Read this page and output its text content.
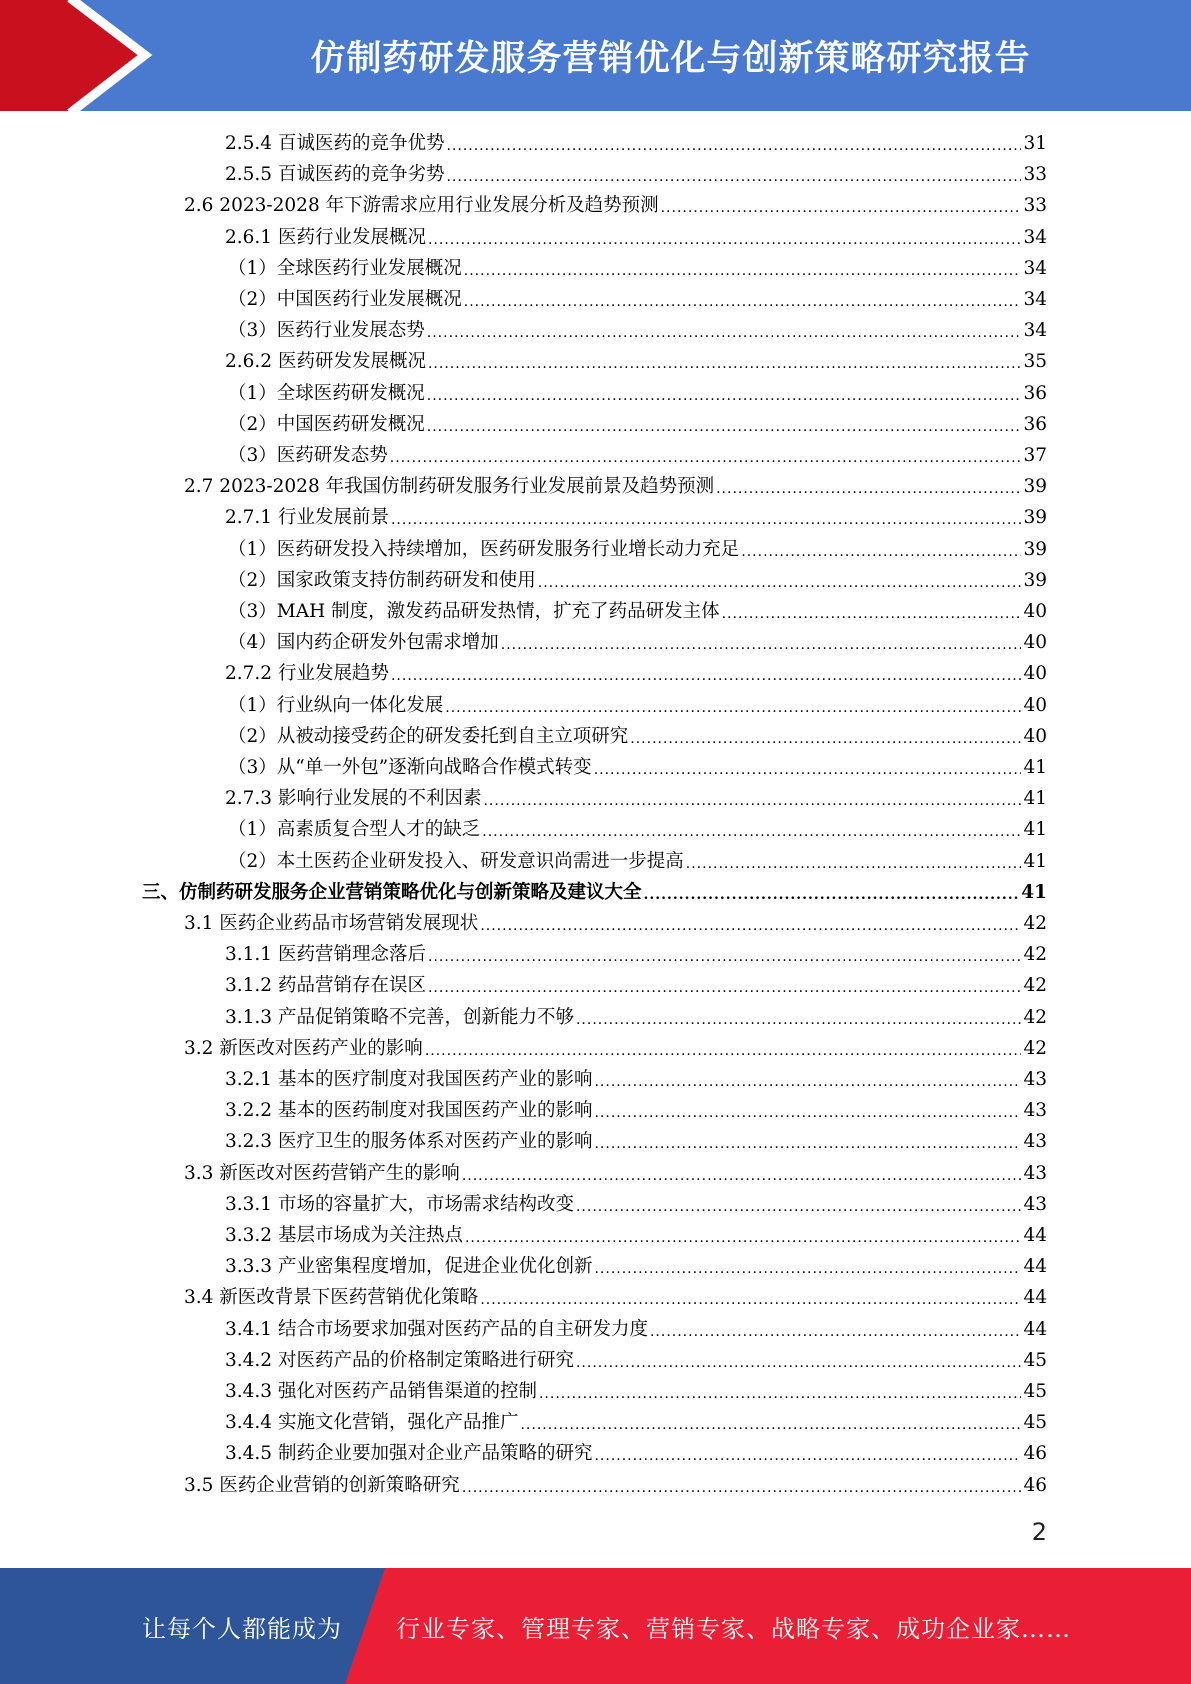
仿制药研发服务营销优化与创新策略研究报告
2.5.4 百诚医药的竞争优势 .....	31
2.5.5 百诚医药的竞争劣势 .....	33
2.6 2023-2028 年下游需求应用行业发展分析及趋势预测 .....	33
2.6.1 医药行业发展概况 .....	34
（1）全球医药行业发展概况 .....	34
（2）中国医药行业发展概况 .....	34
（3）医药行业发展态势 .....	34
2.6.2 医药研发发展概况 .....	35
（1）全球医药研发概况 .....	36
（2）中国医药研发概况 .....	36
（3）医药研发态势 .....	37
2.7 2023-2028 年我国仿制药研发服务行业发展前景及趋势预测 .....	39
2.7.1 行业发展前景 .....	39
（1）医药研发投入持续增加，医药研发服务行业增长动力充足 .....	39
（2）国家政策支持仿制药研发和使用 .....	39
（3）MAH 制度，激发药品研发热情，扩充了药品研发主体 .....	40
（4）国内药企研发外包需求增加 .....	40
2.7.2 行业发展趋势 .....	40
（1）行业纵向一体化发展 .....	40
（2）从被动接受药企的研发委托到自主立项研究 .....	40
（3）从“单一外包”逐渐向战略合作模式转变 .....	41
2.7.3 影响行业发展的不利因素 .....	41
（1）高素质复合型人才的缺乏 .....	41
（2）本土医药企业研发投入、研发意识尚需进一步提高 .....	41
三、仿制药研发服务企业营销策略优化与创新策略及建议大全 .....	41
3.1 医药企业药品市场营销发展现状 .....	42
3.1.1 医药营销理念落后 .....	42
3.1.2 药品营销存在误区 .....	42
3.1.3 产品促销策略不完善，创新能力不够 .....	42
3.2 新医改对医药产业的影响 .....	42
3.2.1 基本的医疗制度对我国医药产业的影响 .....	43
3.2.2 基本的医药制度对我国医药产业的影响 .....	43
3.2.3 医疗卫生的服务体系对医药产业的影响 .....	43
3.3 新医改对医药营销产生的影响 .....	43
3.3.1 市场的容量扩大，市场需求结构改变 .....	43
3.3.2 基层市场成为关注热点 .....	44
3.3.3 产业密集程度增加，促进企业优化创新 .....	44
3.4 新医改背景下医药营销优化策略 .....	44
3.4.1 结合市场要求加强对医药产品的自主研发力度 .....	44
3.4.2 对医药产品的价格制定策略进行研究 .....	45
3.4.3 强化对医药产品销售渠道的控制 .....	45
3.4.4 实施文化营销，强化产品推广 .....	45
3.4.5 制药企业要加强对企业产品策略的研究 .....	46
3.5 医药企业营销的创新策略研究 .....	46
2
让每个人都能成为 行业专家、管理专家、营销专家、战略专家、成功企业家……
